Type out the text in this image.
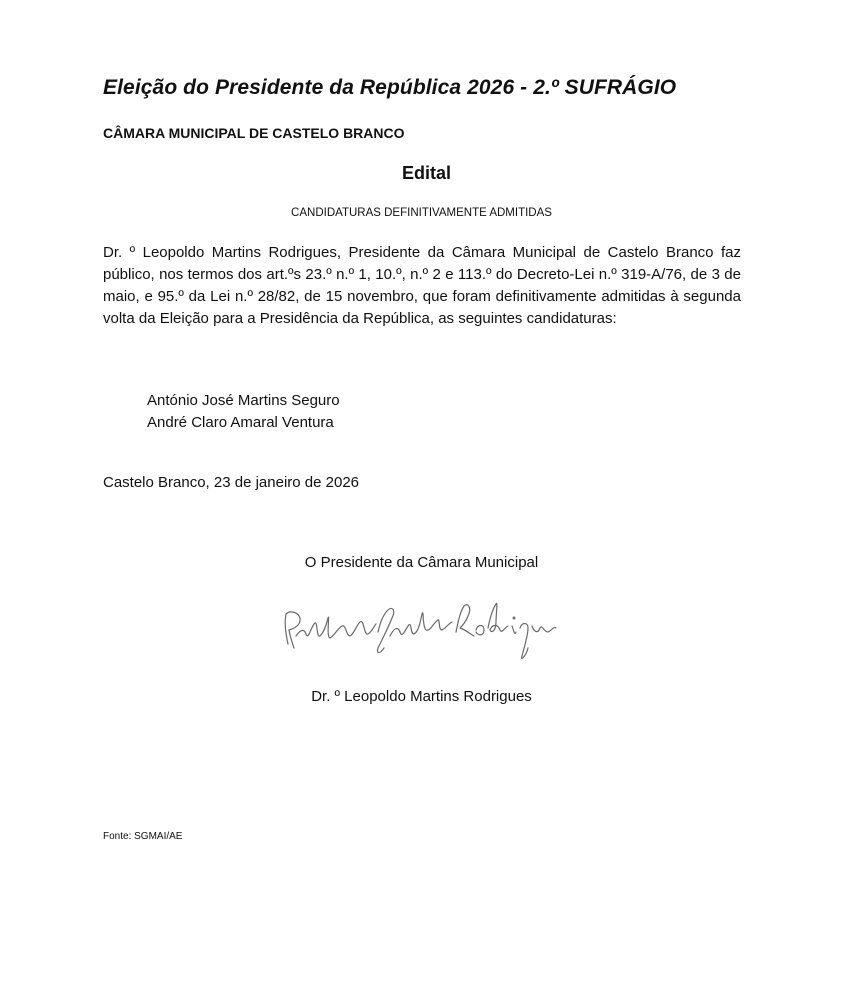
Eleição do Presidente da República 2026 - 2.º SUFRÁGIO
CÂMARA MUNICIPAL DE CASTELO BRANCO
Edital
CANDIDATURAS DEFINITIVAMENTE ADMITIDAS
Dr. º Leopoldo Martins Rodrigues, Presidente da Câmara Municipal de Castelo Branco faz público, nos termos dos art.ºs 23.º n.º 1, 10.º, n.º 2 e 113.º do Decreto-Lei n.º 319-A/76, de 3 de maio, e 95.º da Lei n.º 28/82, de 15 novembro, que foram definitivamente admitidas à segunda volta da Eleição para a Presidência da República, as seguintes candidaturas:
António José Martins Seguro
André Claro Amaral Ventura
Castelo Branco, 23 de janeiro de 2026
O Presidente da Câmara Municipal
Dr. º Leopoldo Martins Rodrigues
Fonte: SGMAI/AE
